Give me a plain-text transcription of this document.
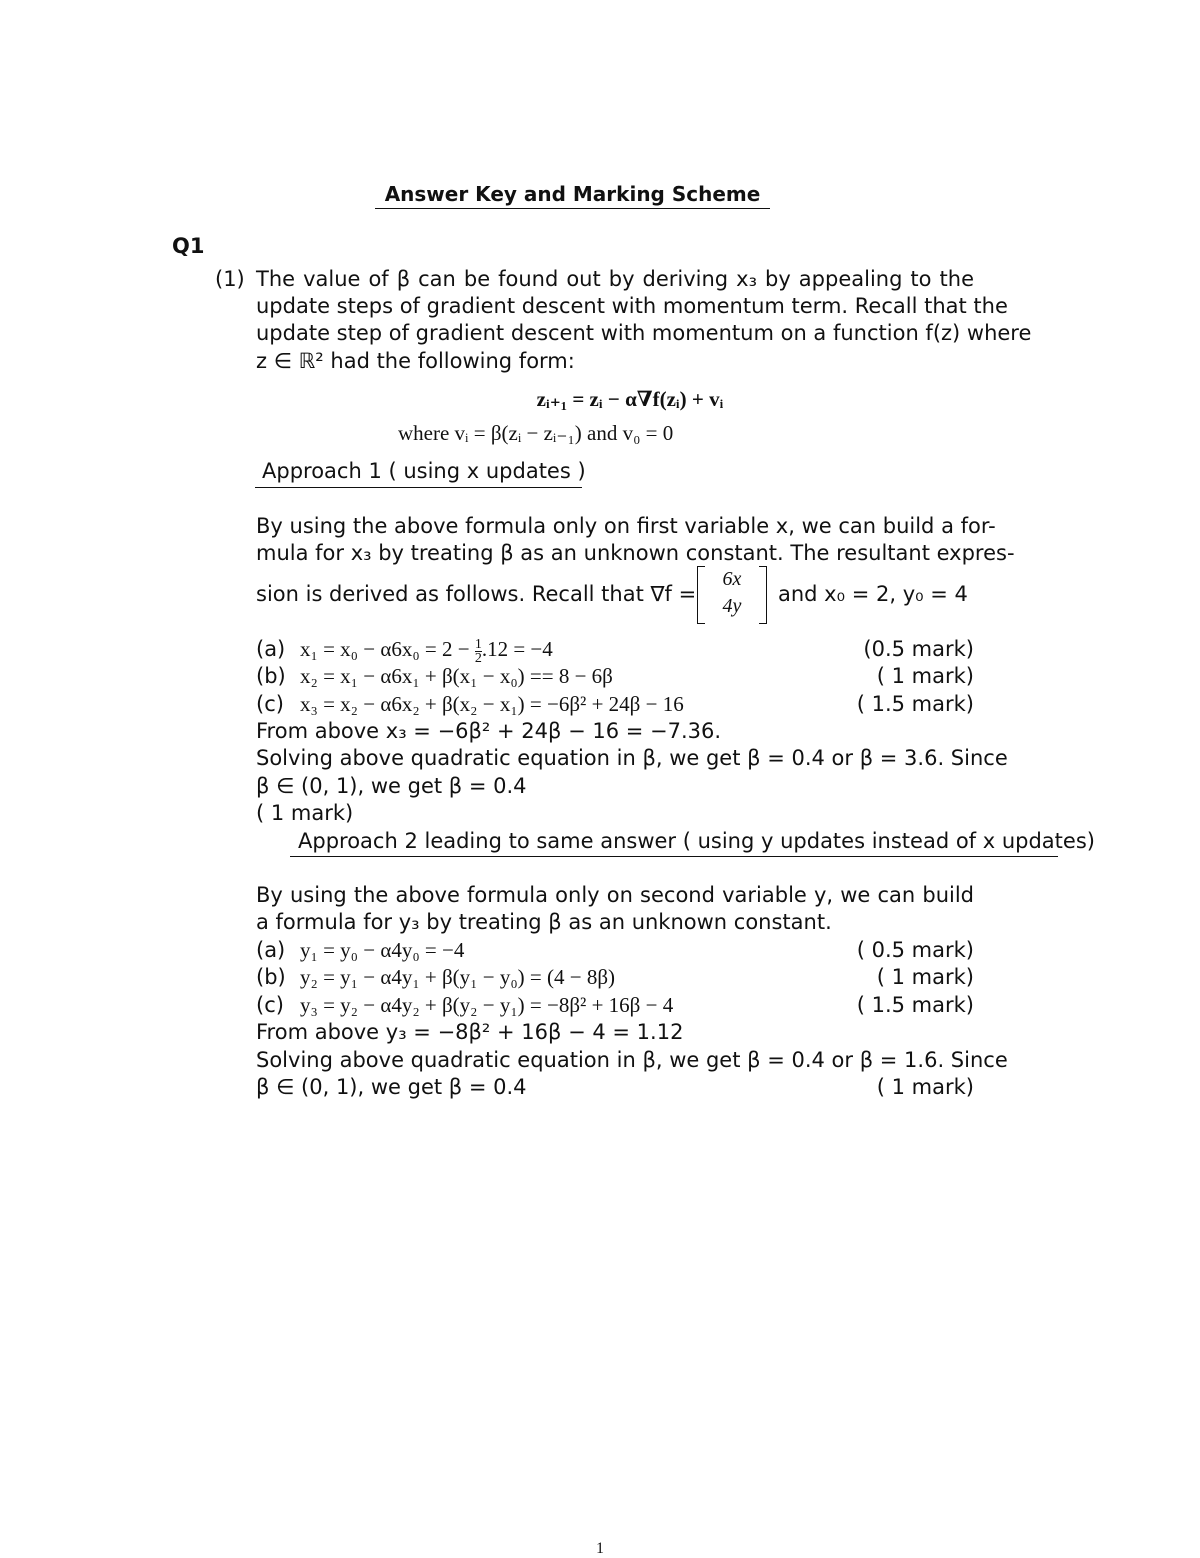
Answer Key and Marking Scheme
Q1
(1) The value of β can be found out by deriving x₃ by appealing to the
update steps of gradient descent with momentum term. Recall that the
update step of gradient descent with momentum on a function f(z) where
z ∈ ℝ² had the following form:
zᵢ₊₁ = zᵢ − α∇f(zᵢ) + vᵢ
where vᵢ = β(zᵢ − zᵢ₋₁) and v₀ = 0
Approach 1 ( using x updates )
By using the above formula only on first variable x, we can build a for-
mula for x₃ by treating β as an unknown constant. The resultant expres-
sion is derived as follows. Recall that ∇f =
6x
4y	and x₀ = 2, y₀ = 4
(a) $x_1 = x_0 - \alpha 6x_0 = 2 - \frac{1}{2} .12 = -4$	(0.5 mark)
(b) x₂ = x₁ − α6x₁ + β(x₁ − x₀) == 8 − 6β	( 1 mark)
(c) x₃ = x₂ − α6x₂ + β(x₂ − x₁) = −6β² + 24β − 16	( 1.5 mark)
From above x₃ = −6β² + 24β − 16 = −7.36.
Solving above quadratic equation in β, we get β = 0.4 or β = 3.6. Since
β ∈ (0, 1), we get β = 0.4
( 1 mark)
Approach 2 leading to same answer ( using y updates instead of x updates)
By using the above formula only on second variable y, we can build
a formula for y₃ by treating β as an unknown constant.
(a) y₁ = y₀ − α4y₀ = −4	( 0.5 mark)
(b) y₂ = y₁ − α4y₁ + β(y₁ − y₀) = (4 − 8β)	( 1 mark)
(c) y₃ = y₂ − α4y₂ + β(y₂ − y₁) = −8β² + 16β − 4	( 1.5 mark)
From above y₃ = −8β² + 16β − 4 = 1.12
Solving above quadratic equation in β, we get β = 0.4 or β = 1.6. Since
β ∈ (0, 1), we get β = 0.4	( 1 mark)
1
